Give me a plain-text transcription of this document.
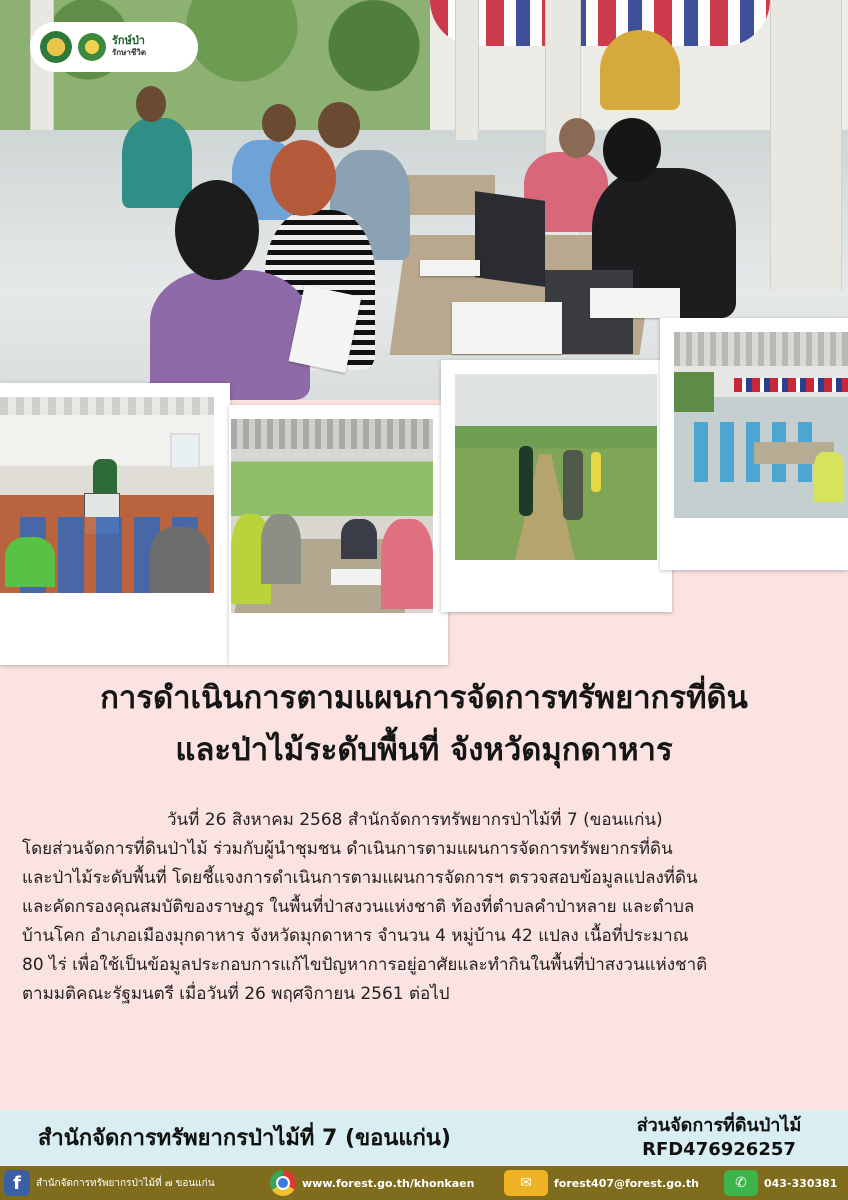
รักษ์ป่า
รักษาชีวิต
การดำเนินการตามแผนการจัดการทรัพยากรที่ดิน
และป่าไม้ระดับพื้นที่ จังหวัดมุกดาหาร
วันที่ 26 สิงหาคม 2568 สำนักจัดการทรัพยากรป่าไม้ที่ 7 (ขอนแก่น)
โดยส่วนจัดการที่ดินป่าไม้ ร่วมกับผู้นำชุมชน ดำเนินการตามแผนการจัดการทรัพยากรที่ดิน
และป่าไม้ระดับพื้นที่ โดยชี้แจงการดำเนินการตามแผนการจัดการฯ ตรวจสอบข้อมูลแปลงที่ดิน
และคัดกรองคุณสมบัติของราษฎร ในพื้นที่ป่าสงวนแห่งชาติ ท้องที่ตำบลคำป่าหลาย และตำบล
บ้านโคก อำเภอเมืองมุกดาหาร จังหวัดมุกดาหาร จำนวน 4 หมู่บ้าน 42 แปลง เนื้อที่ประมาณ
80 ไร่ เพื่อใช้เป็นข้อมูลประกอบการแก้ไขปัญหาการอยู่อาศัยและทำกินในพื้นที่ป่าสงวนแห่งชาติ
ตามมติคณะรัฐมนตรี เมื่อวันที่ 26 พฤศจิกายน 2561 ต่อไป
สำนักจัดการทรัพยากรป่าไม้ที่ 7 (ขอนแก่น)
ส่วนจัดการที่ดินป่าไม้
RFD476926257
f	สำนักจัดการทรัพยากรป่าไม้ที่ ๗ ขอนแก่น	www.forest.go.th/khonkaen	✉	forest407@forest.go.th	✆	043-330381
